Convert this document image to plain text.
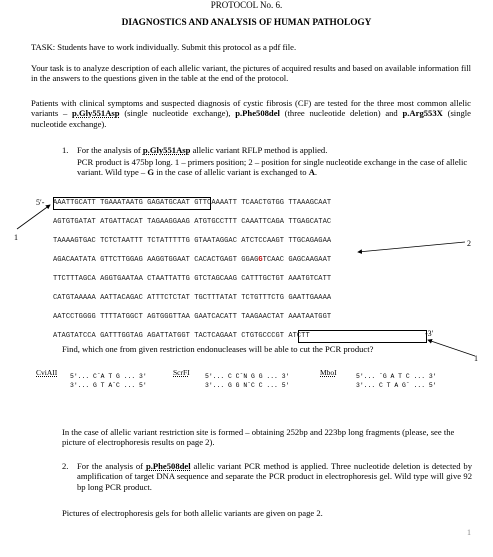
PROTOCOL No. 6.
DIAGNOSTICS AND ANALYSIS OF HUMAN PATHOLOGY

TASK: Students have to work individually. Submit this protocol as a pdf file.

Your task is to analyze description of each allelic variant, the pictures of acquired results and based on available information fill in the answers to the questions given in the table at the end of the protocol.

Patients with clinical symptoms and suspected diagnosis of cystic fibrosis (CF) are tested for the three most common allelic variants – p.Gly551Asp (single nucleotide exchange), p.Phe508del (three nucleotide deletion) and p.Arg553X (single nucleotide exchange).

1. For the analysis of p.Gly551Asp allelic variant RFLP method is applied.

PCR product is 475bp long. 1 – primers position; 2 – position for single nucleotide exchange in the case of allelic variant. Wild type – G in the case of allelic variant is exchanged to A.

5ʹ-
-3ʹ

AAATTGCATT TGAAATAATG GAGATGCAAT GTTCAAAATT TCAACTGTGG TTAAAGCAAT

AGTGTGATAT ATGATTACAT TAGAAGGAAG ATGTGCCTTT CAAATTCAGA TTGAGCATAC

TAAAAGTGAC TCTCTAATTT TCTATTTTTG GTAATAGGAC ATCTCCAAGT TTGCAGAGAA

AGACAATATA GTTCTTGGAG AAGGTGGAAT CACACTGAGT GGAGGTCAAC GAGCAAGAAT

TTCTTTAGCA AGGTGAATAA CTAATTATTG GTCTAGCAAG CATTTGCTGT AAATGTCATT

CATGTAAAAA AATTACAGAC ATTTCTCTAT TGCTTTATAT TCTGTTTCTG GAATTGAAAA

AATCCTGGGG TTTTATGGCT AGTGGGTTAA GAATCACATT TAAGAACTAT AAATAATGGT

ATAGTATCCA GATTTGGTAG AGATTATGGT TACTCAGAAT CTGTGCCCGT ATCTT

1
2
1

Find, which one from given restriction endonucleases will be able to cut the PCR product?

CviAII 5ʹ... CˇA T G ... 3ʹ
3ʹ... G T AˆC ... 5ʹ
ScrFI 5ʹ... C CˇN G G ... 3ʹ
3ʹ... G G NˆC C ... 5ʹ
MboI	5ʹ... ˇG A T C ... 3ʹ
3ʹ... C T A Gˆ ... 5ʹ

In the case of allelic variant restriction site is formed – obtaining 252bp and 223bp long fragments (please, see the picture of electrophoresis results on page 2).

2. For the analysis of p.Phe508del allelic variant PCR method is applied. Three nucleotide deletion is detected by amplification of target DNA sequence and separate the PCR product in electrophoresis gel. Wild type will give 92 bp long PCR product.

Pictures of electrophoresis gels for both allelic variants are given on page 2.

1
